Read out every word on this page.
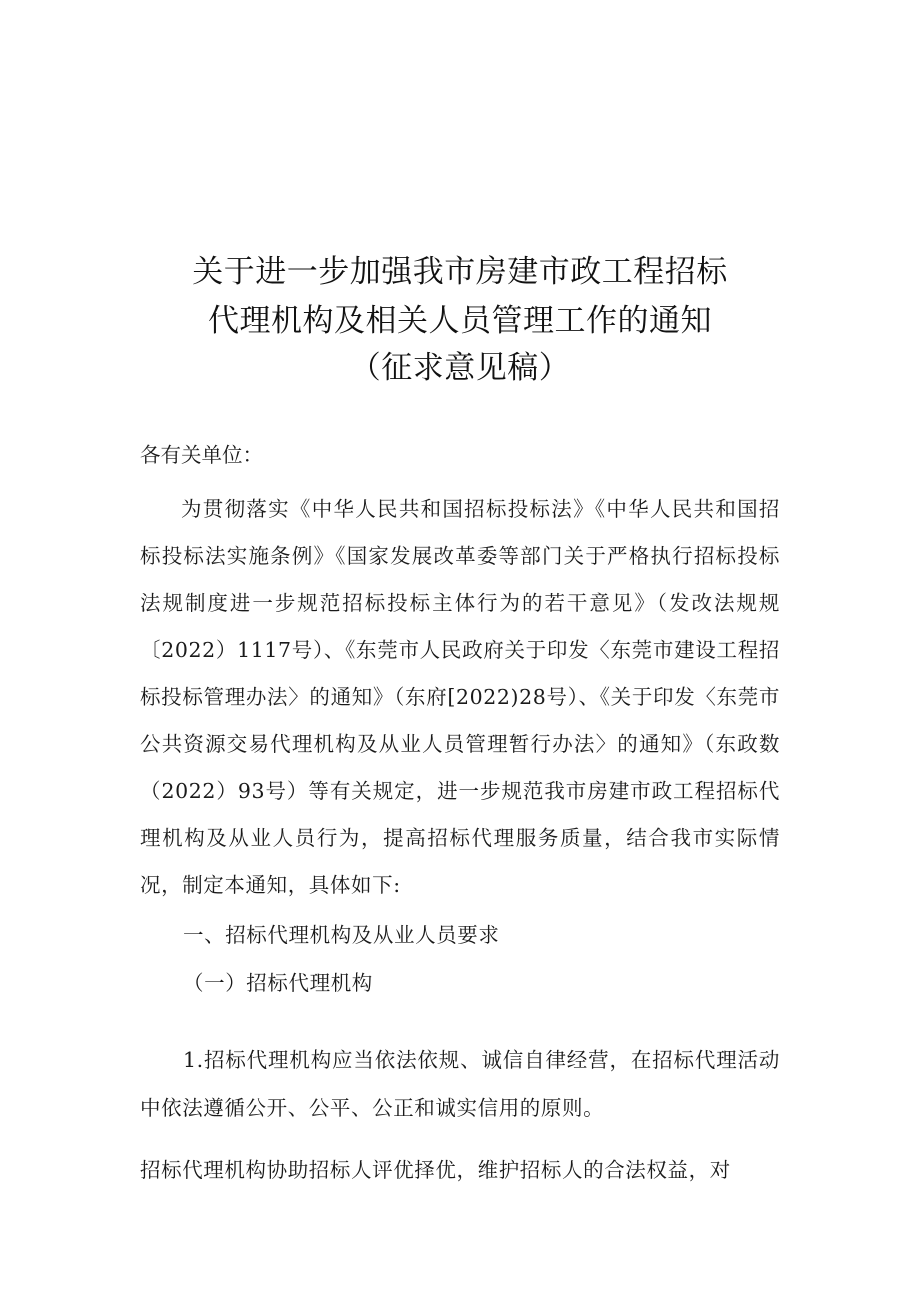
关于进一步加强我市房建市政工程招标
代理机构及相关人员管理工作的通知
（征求意见稿）
各有关单位：
为贯彻落实《中华人民共和国招标投标法》《中华人民共和国招标投标法实施条例》《国家发展改革委等部门关于严格执行招标投标法规制度进一步规范招标投标主体行为的若干意见》（发改法规规〔2022）1117号）、《东莞市人民政府关于印发〈东莞市建设工程招标投标管理办法〉的通知》（东府[2022)28号）、《关于印发〈东莞市公共资源交易代理机构及从业人员管理暂行办法〉的通知》（东政数（2022）93号）等有关规定，进一步规范我市房建市政工程招标代理机构及从业人员行为，提高招标代理服务质量，结合我市实际情况，制定本通知，具体如下:
一、招标代理机构及从业人员要求
（一）招标代理机构
1.招标代理机构应当依法依规、诚信自律经营，在招标代理活动中依法遵循公开、公平、公正和诚实信用的原则。
招标代理机构协助招标人评优择优，维护招标人的合法权益，对
